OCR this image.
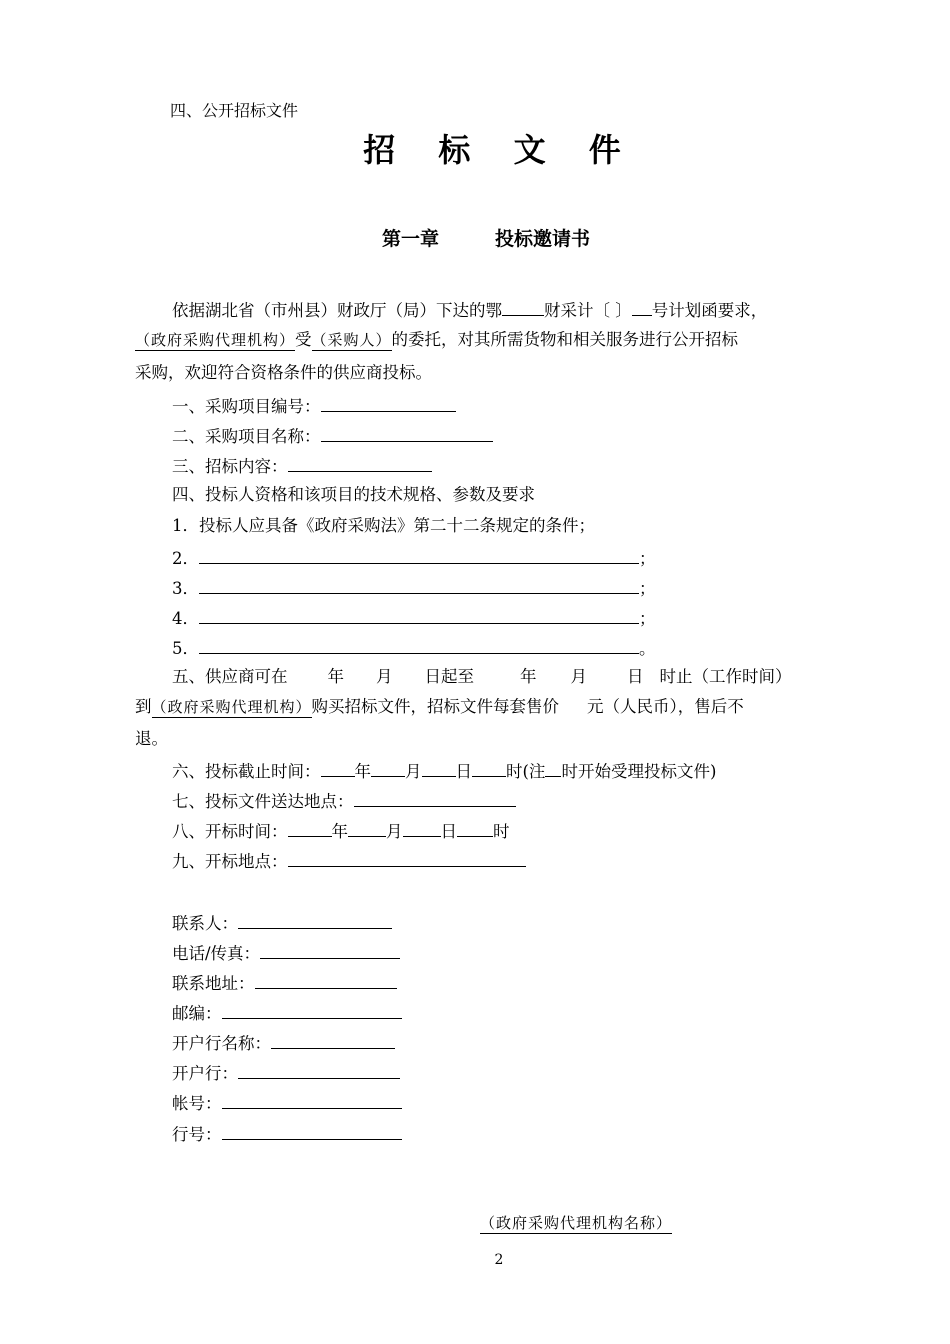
四、公开招标文件
招 标 文 件
第一章	投标邀请书
依据湖北省（市州县）财政厅（局）下达的鄂	财采计〔 〕 号计划函要求，
（政府采购代理机构）受（采购人）的委托，对其所需货物和相关服务进行公开招标
采购，欢迎符合资格条件的供应商投标。
一、采购项目编号：
二、采购项目名称：
三、招标内容：
四、投标人资格和该项目的技术规格、参数及要求
1．投标人应具备《政府采购法》第二十二条规定的条件；
2．	；
3．	；
4．	；
5．	。
五、供应商可在 年 月 日起至	年 月 日 时止（工作时间）
到（政府采购代理机构）购买招标文件，招标文件每套售价 元（人民币），售后不
退。
六、投标截止时间： 年 月 日 时(注 时开始受理投标文件)
七、投标文件送达地点：
八、开标时间：	年 月 日 时
九、开标地点：
联系人：
电话/传真：
联系地址：
邮编：
开户行名称：
开户行：
帐号：
行号：
（政府采购代理机构名称）
2
